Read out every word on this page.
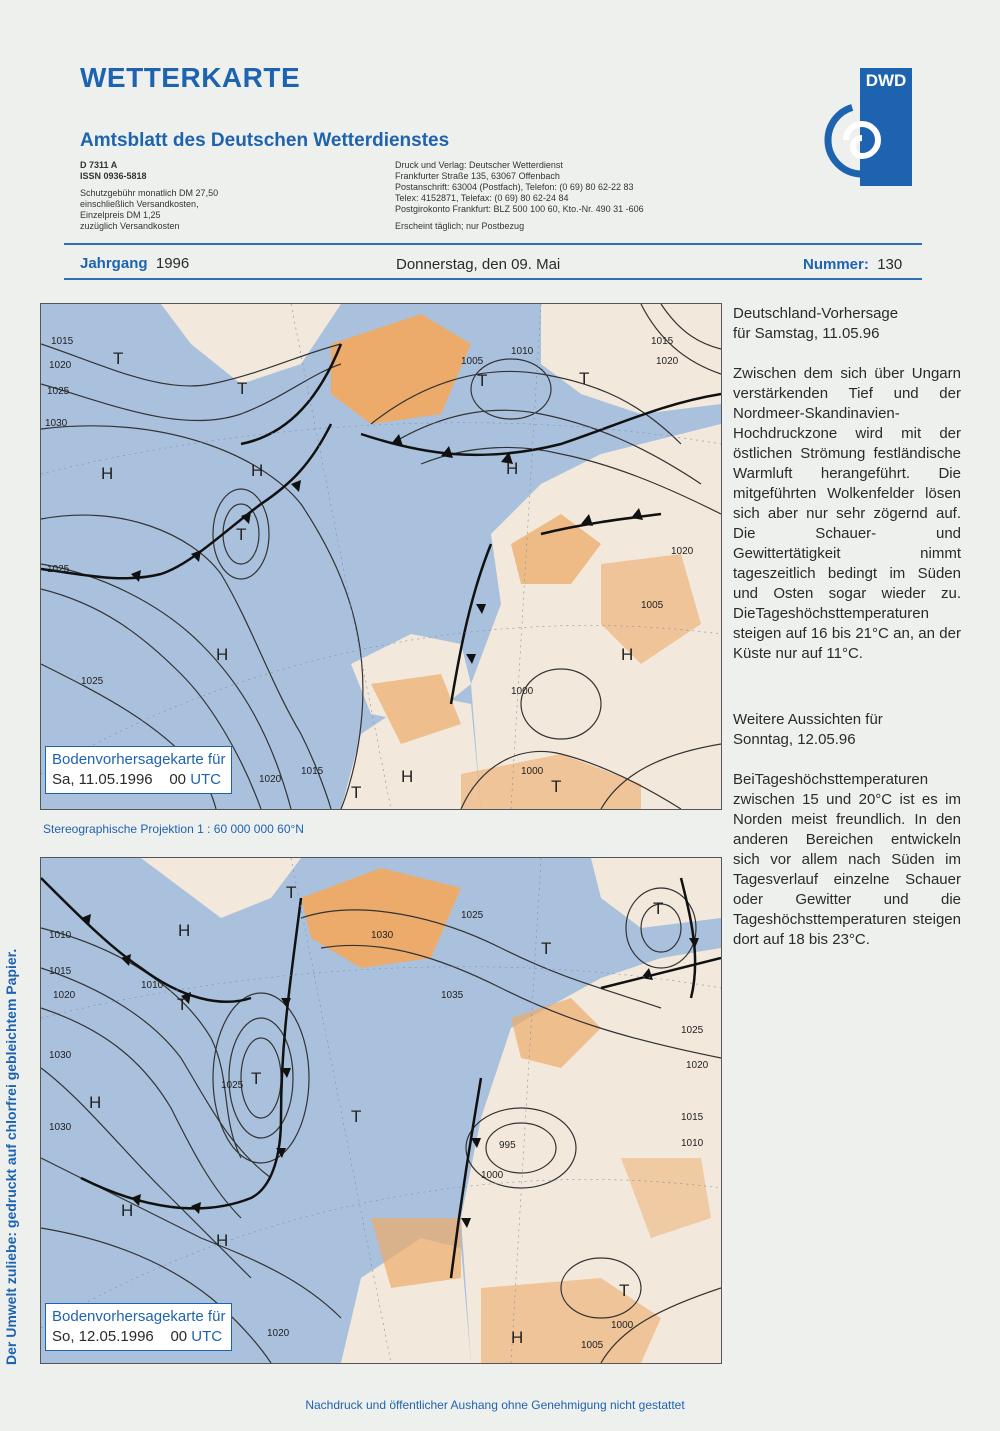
WETTERKARTE
Amtsblatt des Deutschen Wetterdienstes
D 7311 A
ISSN 0936-5818
Schutzgebühr monatlich DM 27,50
einschließlich Versandkosten,
Einzelpreis DM 1,25
zuzüglich Versandkosten
Druck und Verlag: Deutscher Wetterdienst
Frankfurter Straße 135, 63067 Offenbach
Postanschrift: 63004 (Postfach), Telefon: (0 69) 80 62-22 83
Telex: 4152871, Telefax: (0 69) 80 62-24 84
Postgirokonto Frankfurt: BLZ 500 100 60, Kto.-Nr. 490 31 -606
Erscheint täglich; nur Postbezug
DWD
Jahrgang 1996	Donnerstag, den 09. Mai	Nummer: 130
H	H
H
H
H
H
T
T
T
T	T
T
T
1030
1025
1020
1015
1025
1025
1005
1010
1015
1020
1020
1005
1000
1000
1015
1020
Bodenvorhersagekarte für
Sa, 11.05.1996 00 UTC
Stereographische Projektion 1 : 60 000 000 60°N
H
H
H
H
H
T
T
T
T
T
T
T
1010
1015
1020
1030
1030
1010
1030
1025
1035
1025
1020
1015
1010
995
1000
1000
1005
1020
1025
Bodenvorhersagekarte für
So, 12.05.1996 00 UTC
Deutschland-Vorhersage
für Samstag, 11.05.96
Zwischen dem sich über Ungarn verstärkenden Tief und der Nordmeer-Skandinavien-Hochdruckzone wird mit der östlichen Strömung festländische Warmluft herangeführt. Die mitgeführten Wolkenfelder lösen sich aber nur sehr zögernd auf. Die Schauer- und Gewittertätigkeit nimmt tageszeitlich bedingt im Süden und Osten sogar wieder zu. DieTageshöchsttemperaturen steigen auf 16 bis 21°C an, an der Küste nur auf 11°C.
Weitere Aussichten für
Sonntag, 12.05.96
BeiTageshöchsttemperaturen zwischen 15 und 20°C ist es im Norden meist freundlich. In den anderen Bereichen entwickeln sich vor allem nach Süden im Tagesverlauf einzelne Schauer oder Gewitter und die Tageshöchsttemperaturen steigen dort auf 18 bis 23°C.
Der Umwelt zuliebe: gedruckt auf chlorfrei gebleichtem Papier.
Nachdruck und öffentlicher Aushang ohne Genehmigung nicht gestattet
